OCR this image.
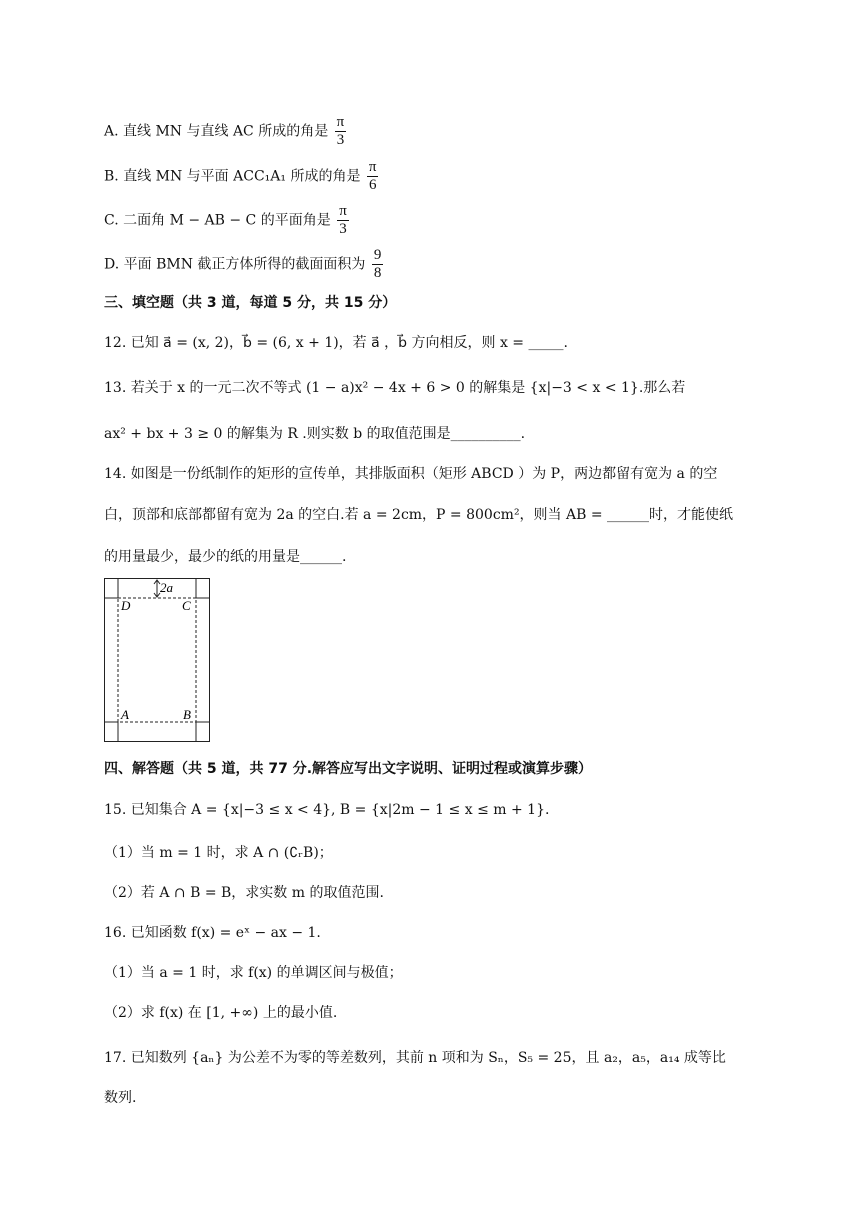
A. 直线 MN 与直线 AC 所成的角是 $\frac{\pi}{3}$
B. 直线 MN 与平面 ACC₁A₁ 所成的角是 $\frac{\pi}{6}$
C. 二面角 M − AB − C 的平面角是 $\frac{\pi}{3}$
D. 平面 BMN 截正方体所得的截面面积为 $\frac{9}{8}$
三、填空题（共 3 道，每道 5 分，共 15 分）
12. 已知 a⃗ = (x, 2)，b⃗ = (6, x + 1)，若 a⃗ ，b⃗ 方向相反，则 x = _____.
13. 若关于 x 的一元二次不等式 (1 − a)x² − 4x + 6 > 0 的解集是 {x|−3 < x < 1}.那么若
ax² + bx + 3 ≥ 0 的解集为 R .则实数 b 的取值范围是__________.
14. 如图是一份纸制作的矩形的宣传单，其排版面积（矩形 ABCD ）为 P，两边都留有宽为 a 的空
白，顶部和底部都留有宽为 2a 的空白.若 a = 2cm，P = 800cm²，则当 AB = ______时，才能使纸
的用量最少，最少的纸的用量是______.
2a
D	C
A	B
四、解答题（共 5 道，共 77 分.解答应写出文字说明、证明过程或演算步骤）
15. 已知集合 A = {x|−3 ≤ x < 4}, B = {x|2m − 1 ≤ x ≤ m + 1}.
（1）当 m = 1 时，求 A ∩ (∁ᵣB)；
（2）若 A ∩ B = B，求实数 m 的取值范围.
16. 已知函数 f(x) = eˣ − ax − 1.
（1）当 a = 1 时，求 f(x) 的单调区间与极值；
（2）求 f(x) 在 [1, +∞) 上的最小值.
17. 已知数列 {aₙ} 为公差不为零的等差数列，其前 n 项和为 Sₙ，S₅ = 25，且 a₂，a₅，a₁₄ 成等比
数列.
